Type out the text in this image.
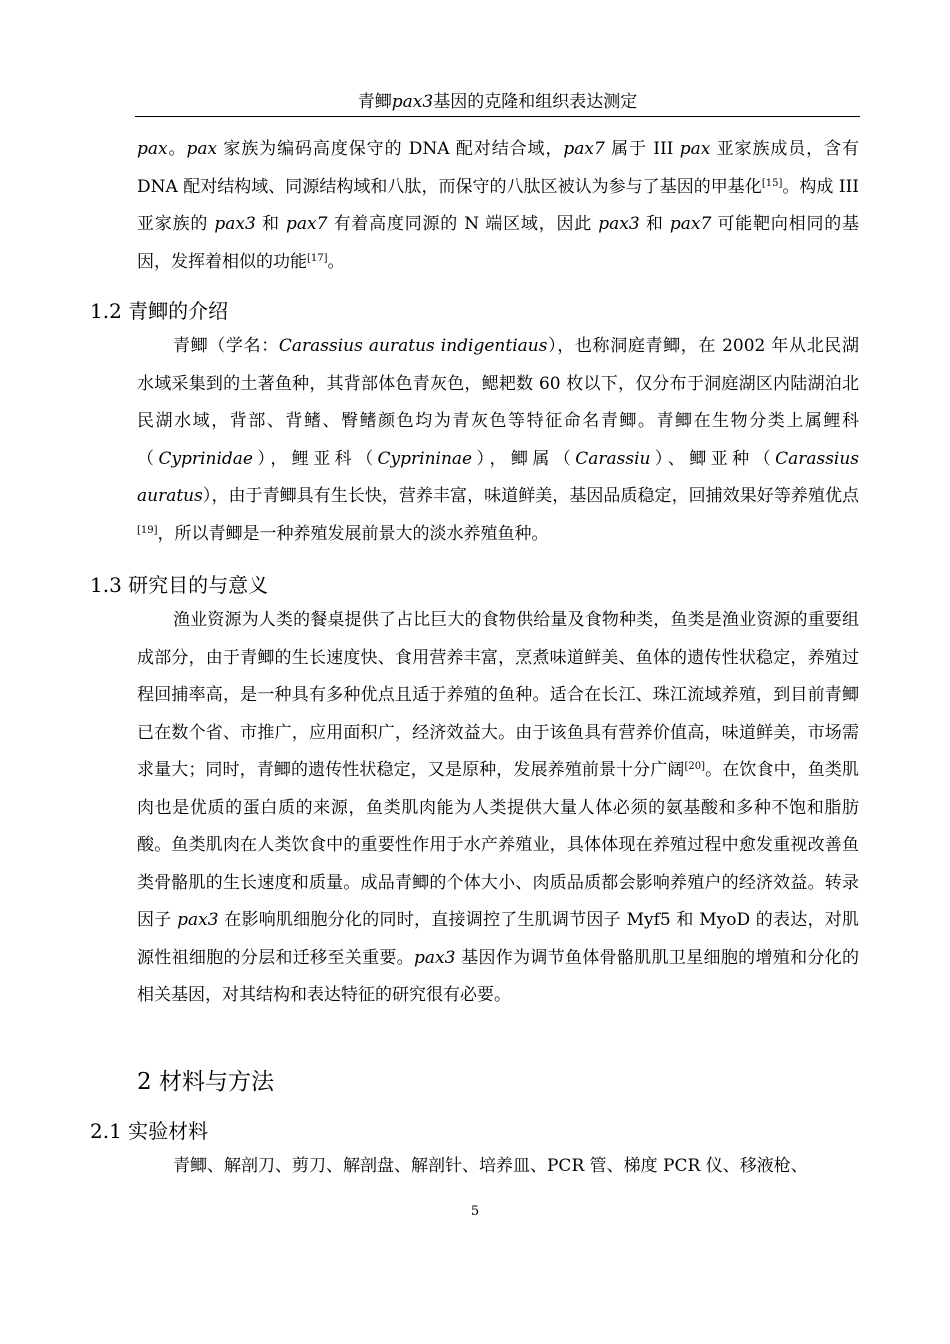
青鲫pax3基因的克隆和组织表达测定
pax。pax 家族为编码高度保守的 DNA 配对结合域，pax7 属于 III pax 亚家族成员，含有 DNA 配对结构域、同源结构域和八肽，而保守的八肽区被认为参与了基因的甲基化[15]。构成 III 亚家族的 pax3 和 pax7 有着高度同源的 N 端区域，因此 pax3 和 pax7 可能靶向相同的基因，发挥着相似的功能[17]。
1.2 青鲫的介绍
青鲫（学名：Carassius auratus indigentiaus），也称洞庭青鲫，在 2002 年从北民湖水域采集到的土著鱼种，其背部体色青灰色，鳃耙数 60 枚以下，仅分布于洞庭湖区内陆湖泊北民湖水域，背部、背鳍、臀鳍颜色均为青灰色等特征命名青鲫。青鲫在生物分类上属鲤科（Cyprinidae），鲤亚科（Cyprininae），鲫属（Carassiu）、鲫亚种（Carassius auratus），由于青鲫具有生长快，营养丰富，味道鲜美，基因品质稳定，回捕效果好等养殖优点[19]，所以青鲫是一种养殖发展前景大的淡水养殖鱼种。
1.3 研究目的与意义
渔业资源为人类的餐桌提供了占比巨大的食物供给量及食物种类，鱼类是渔业资源的重要组成部分，由于青鲫的生长速度快、食用营养丰富，烹煮味道鲜美、鱼体的遗传性状稳定，养殖过程回捕率高，是一种具有多种优点且适于养殖的鱼种。适合在长江、珠江流域养殖，到目前青鲫已在数个省、市推广，应用面积广，经济效益大。由于该鱼具有营养价值高，味道鲜美，市场需求量大；同时，青鲫的遗传性状稳定，又是原种，发展养殖前景十分广阔[20]。在饮食中，鱼类肌肉也是优质的蛋白质的来源，鱼类肌肉能为人类提供大量人体必须的氨基酸和多种不饱和脂肪酸。鱼类肌肉在人类饮食中的重要性作用于水产养殖业，具体体现在养殖过程中愈发重视改善鱼类骨骼肌的生长速度和质量。成品青鲫的个体大小、肉质品质都会影响养殖户的经济效益。转录因子 pax3 在影响肌细胞分化的同时，直接调控了生肌调节因子 Myf5 和 MyoD 的表达，对肌源性祖细胞的分层和迁移至关重要。pax3 基因作为调节鱼体骨骼肌肌卫星细胞的增殖和分化的相关基因，对其结构和表达特征的研究很有必要。
2 材料与方法
2.1 实验材料
青鲫、解剖刀、剪刀、解剖盘、解剖针、培养皿、PCR 管、梯度 PCR 仪、移液枪、
5
